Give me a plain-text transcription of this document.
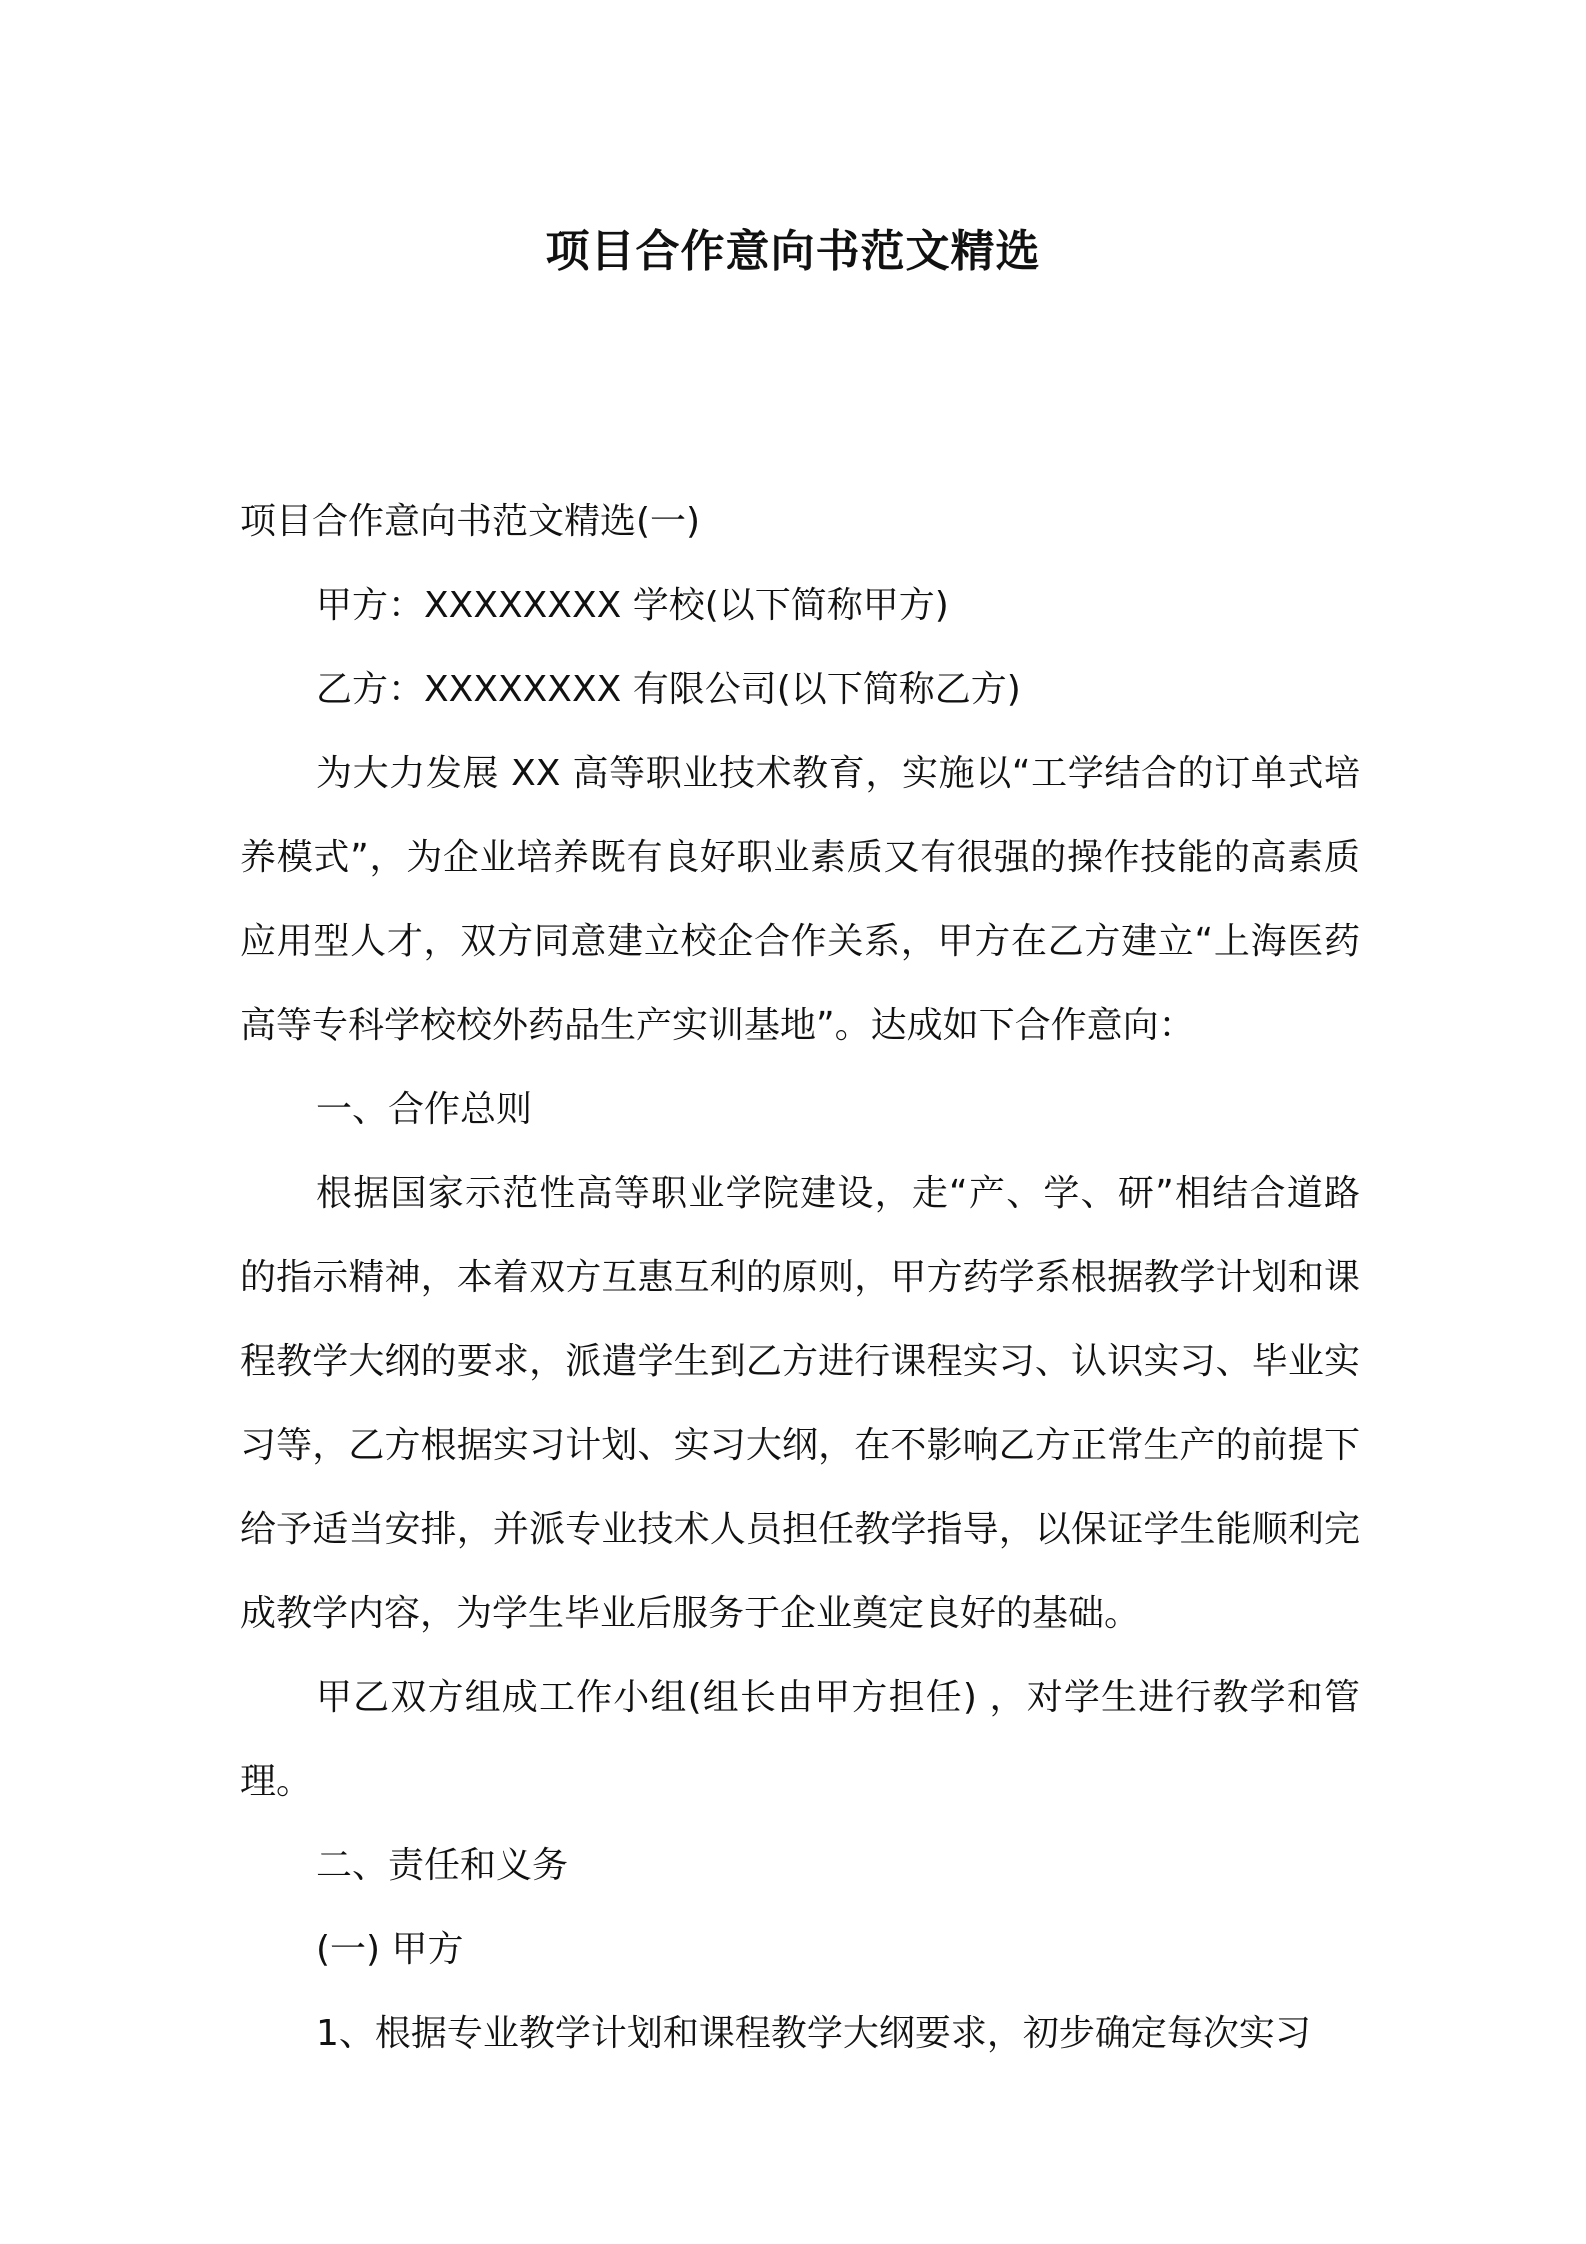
项目合作意向书范文精选

项目合作意向书范文精选(一)

甲方：XXXXXXXX 学校(以下简称甲方)

乙方：XXXXXXXX 有限公司(以下简称乙方)

为大力发展 XX 高等职业技术教育，实施以“工学结合的订单式培养模式”，为企业培养既有良好职业素质又有很强的操作技能的高素质应用型人才，双方同意建立校企合作关系，甲方在乙方建立“上海医药高等专科学校校外药品生产实训基地”。达成如下合作意向：

一、合作总则

根据国家示范性高等职业学院建设，走“产、学、研”相结合道路的指示精神，本着双方互惠互利的原则，甲方药学系根据教学计划和课程教学大纲的要求，派遣学生到乙方进行课程实习、认识实习、毕业实习等，乙方根据实习计划、实习大纲，在不影响乙方正常生产的前提下给予适当安排，并派专业技术人员担任教学指导，以保证学生能顺利完成教学内容，为学生毕业后服务于企业奠定良好的基础。

甲乙双方组成工作小组(组长由甲方担任) ，对学生进行教学和管理。

二、责任和义务

(一) 甲方

1、根据专业教学计划和课程教学大纲要求，初步确定每次实习
